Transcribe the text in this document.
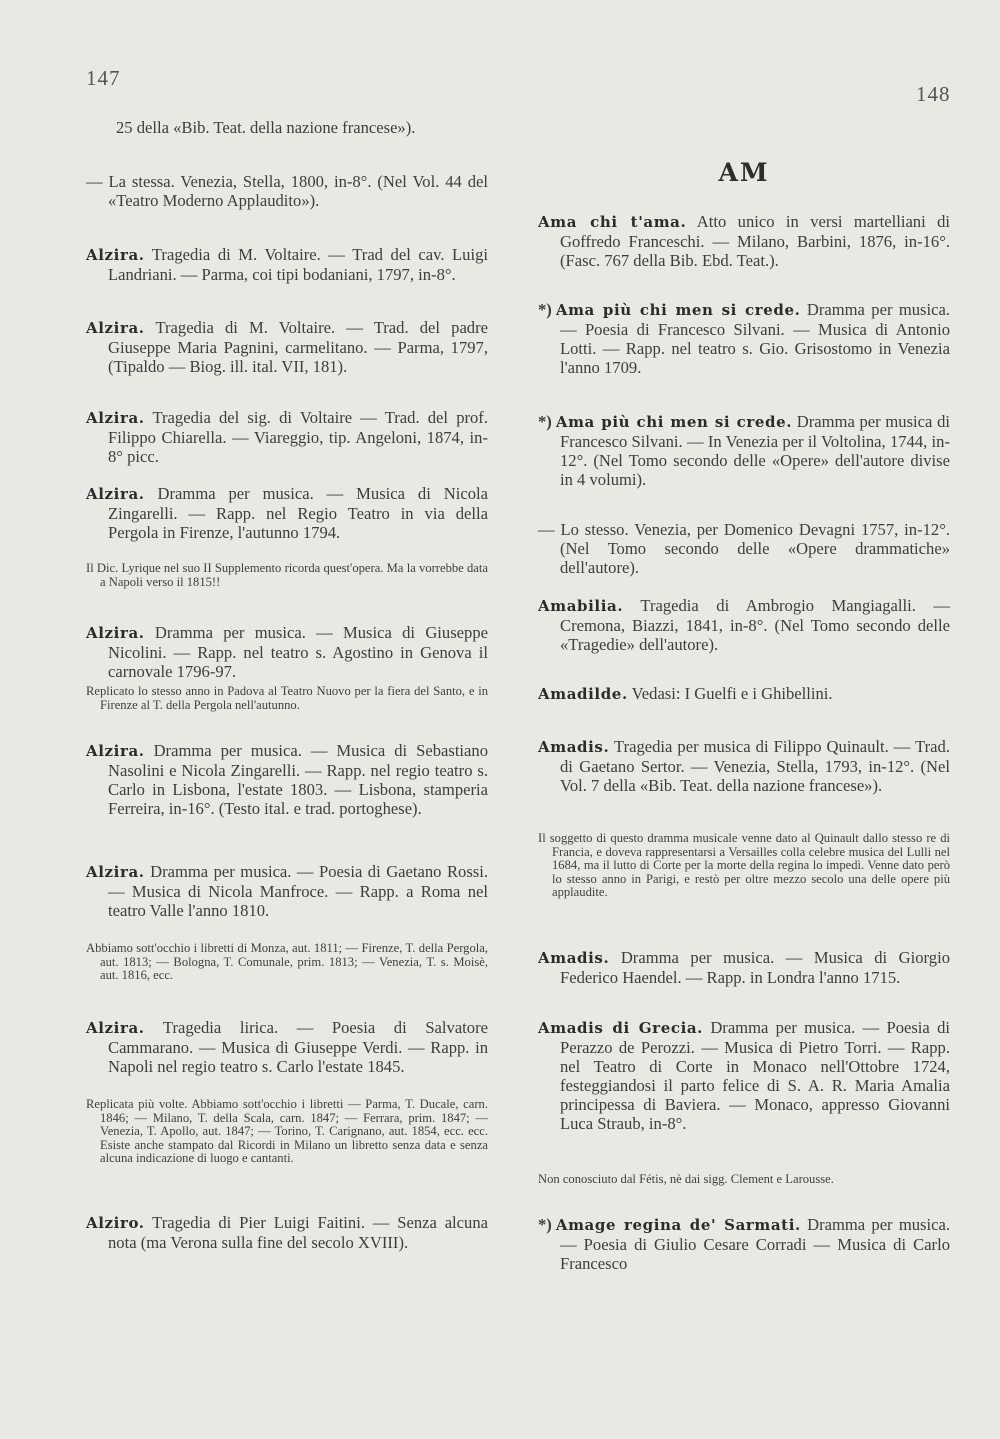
147
148
25 della «Bib. Teat. della nazione francese»).
— La stessa. Venezia, Stella, 1800, in-8°. (Nel Vol. 44 del «Teatro Moderno Applaudito»).
Alzira. Tragedia di M. Voltaire. — Trad del cav. Luigi Landriani. — Parma, coi tipi bodaniani, 1797, in-8°.
Alzira. Tragedia di M. Voltaire. — Trad. del padre Giuseppe Maria Pagnini, carmelitano. — Parma, 1797, (Tipaldo — Biog. ill. ital. VII, 181).
Alzira. Tragedia del sig. di Voltaire — Trad. del prof. Filippo Chiarella. — Viareggio, tip. Angeloni, 1874, in-8° picc.
Alzira. Dramma per musica. — Musica di Nicola Zingarelli. — Rapp. nel Regio Teatro in via della Pergola in Firenze, l'autunno 1794.
Alzira. Dramma per musica. — Musica di Giuseppe Nicolini. — Rapp. nel teatro s. Agostino in Genova il carnovale 1796-97.
Alzira. Dramma per musica. — Musica di Sebastiano Nasolini e Nicola Zingarelli. — Rapp. nel regio teatro s. Carlo in Lisbona, l'estate 1803. — Lisbona, stamperia Ferreira, in-16°. (Testo ital. e trad. portoghese).
Alzira. Dramma per musica. — Poesia di Gaetano Rossi. — Musica di Nicola Manfroce. — Rapp. a Roma nel teatro Valle l'anno 1810.
Alzira. Tragedia lirica. — Poesia di Salvatore Cammarano. — Musica di Giuseppe Verdi. — Rapp. in Napoli nel regio teatro s. Carlo l'estate 1845.
Alziro. Tragedia di Pier Luigi Faitini. — Senza alcuna nota (ma Verona sulla fine del secolo XVIII).
Il Dic. Lyrique nel suo II Supplemento ricorda quest'opera. Ma la vorrebbe data a Napoli verso il 1815!!
Replicato lo stesso anno in Padova al Teatro Nuovo per la fiera del Santo, e in Firenze al T. della Pergola nell'autunno.
Abbiamo sott'occhio i libretti di Monza, aut. 1811; — Firenze, T. della Pergola, aut. 1813; — Bologna, T. Comunale, prim. 1813; — Venezia, T. s. Moisè, aut. 1816, ecc.
Replicata più volte. Abbiamo sott'occhio i libretti — Parma, T. Ducale, carn. 1846; — Milano, T. della Scala, carn. 1847; — Ferrara, prim. 1847; — Venezia, T. Apollo, aut. 1847; — Torino, T. Carignano, aut. 1854, ecc. ecc. Esiste anche stampato dal Ricordi in Milano un libretto senza data e senza alcuna indicazione di luogo e cantanti.
AM
Ama chi t'ama. Atto unico in versi martelliani di Goffredo Franceschi. — Milano, Barbini, 1876, in-16°. (Fasc. 767 della Bib. Ebd. Teat.).
*) Ama più chi men si crede. Dramma per musica. — Poesia di Francesco Silvani. — Musica di Antonio Lotti. — Rapp. nel teatro s. Gio. Grisostomo in Venezia l'anno 1709.
*) Ama più chi men si crede. Dramma per musica di Francesco Silvani. — In Venezia per il Voltolina, 1744, in-12°. (Nel Tomo secondo delle «Opere» dell'autore divise in 4 volumi).
— Lo stesso. Venezia, per Domenico Devagni 1757, in-12°. (Nel Tomo secondo delle «Opere drammatiche» dell'autore).
Amabilia. Tragedia di Ambrogio Mangiagalli. — Cremona, Biazzi, 1841, in-8°. (Nel Tomo secondo delle «Tragedie» dell'autore).
Amadilde. Vedasi: I Guelfi e i Ghibellini.
Amadis. Tragedia per musica di Filippo Quinault. — Trad. di Gaetano Sertor. — Venezia, Stella, 1793, in-12°. (Nel Vol. 7 della «Bib. Teat. della nazione francese»).
Amadis. Dramma per musica. — Musica di Giorgio Federico Haendel. — Rapp. in Londra l'anno 1715.
Amadis di Grecia. Dramma per musica. — Poesia di Perazzo de Perozzi. — Musica di Pietro Torri. — Rapp. nel Teatro di Corte in Monaco nell'Ottobre 1724, festeggiandosi il parto felice di S. A. R. Maria Amalia principessa di Baviera. — Monaco, appresso Giovanni Luca Straub, in-8°.
*) Amage regina de' Sarmati. Dramma per musica. — Poesia di Giulio Cesare Corradi — Musica di Carlo Francesco
Il soggetto di questo dramma musicale venne dato al Quinault dallo stesso re di Francia, e doveva rappresentarsi a Versailles colla celebre musica del Lulli nel 1684, ma il lutto di Corte per la morte della regina lo impedì. Venne dato però lo stesso anno in Parigi, e restò per oltre mezzo secolo una delle opere più applaudite.
Non conosciuto dal Fétis, nè dai sigg. Clement e Larousse.
